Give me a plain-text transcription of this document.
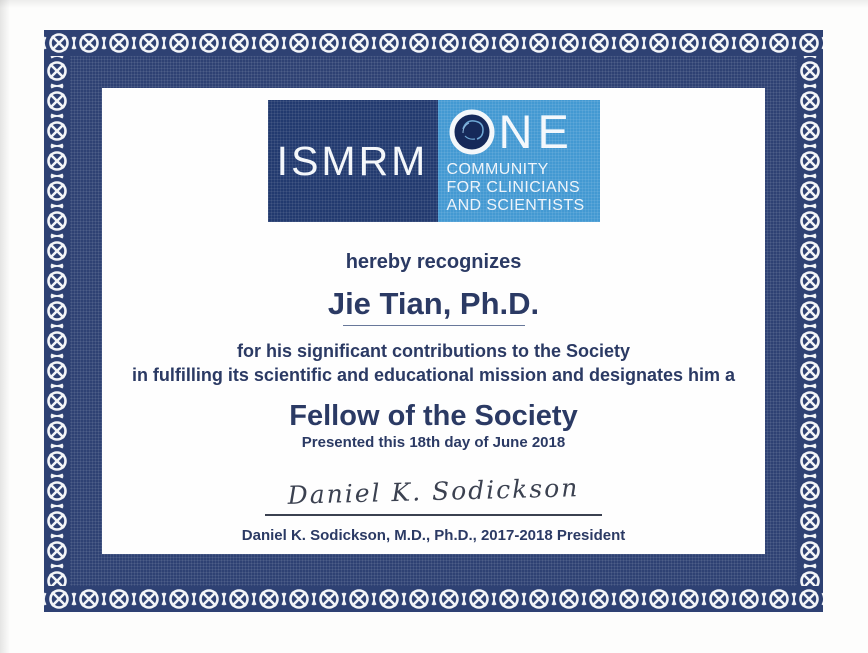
ISMRM
NE
COMMUNITY
FOR CLINICIANS
AND SCIENTISTS
hereby recognizes
Jie Tian, Ph.D.
for his significant contributions to the Society
in fulfilling its scientific and educational mission and designates him a
Fellow of the Society
Presented this 18th day of June 2018
Daniel K. Sodickson
Daniel K. Sodickson, M.D., Ph.D., 2017-2018 President
